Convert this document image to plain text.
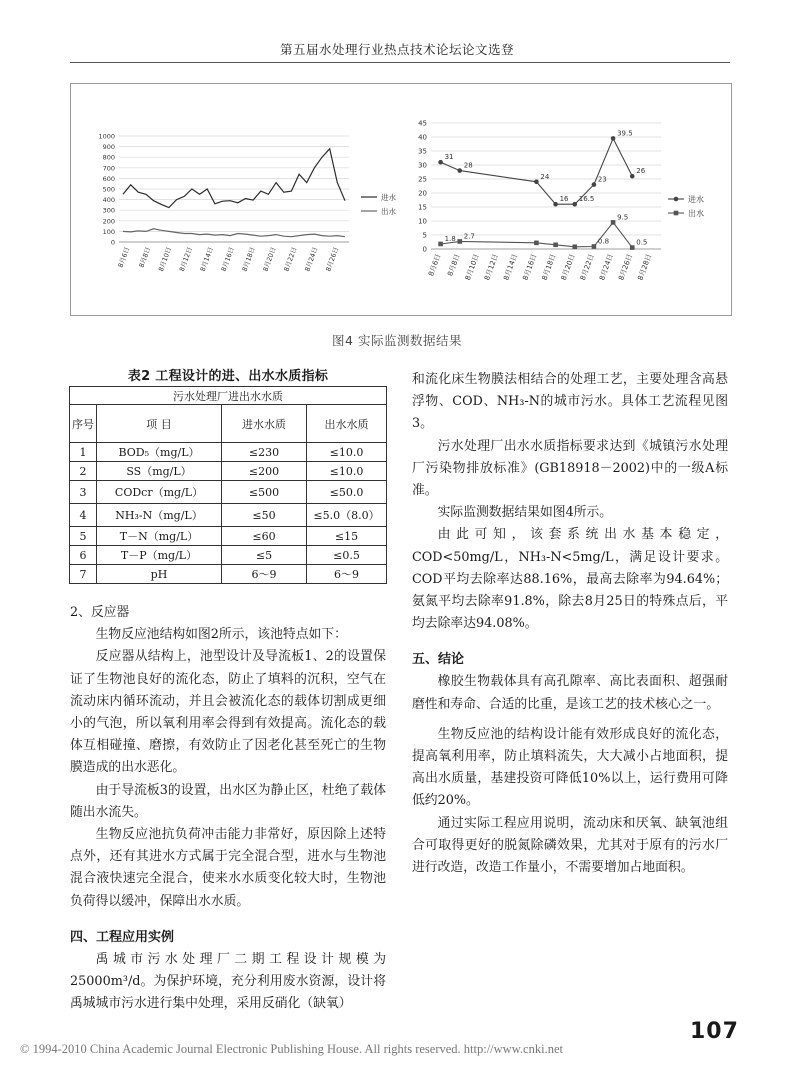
第五届水处理行业热点技术论坛论文选登
1000
900
800
700
600
500
400
300
200
100
0
8月6日 8月8日 8月10日 8月12日 8月14日 8月16日 8月18日 8月20日 8月22日 8月24日 8月26日
进水
出水
45
40
35
30
25
20
15
10
5
0
8月6日 8月8日 8月10日 8月12日 8月14日 8月16日 8月18日 8月20日 8月22日 8月24日 8月26日 8月28日
31
28
24
16 16.5
23
39.5
26
1.8 2.7
0.8
9.5
0.5
进水
出水
图4 实际监测数据结果
表2 工程设计的进、出水水质指标
污水处理厂进出水水质			
序号	项 目	进水水质	出水水质
1	BOD₅（mg/L）	≤230	≤10.0
2	SS（mg/L）	≤200	≤10.0
3	CODcr（mg/L）	≤500	≤50.0
4	NH₃-N（mg/L）	≤50	≤5.0（8.0）
5	T－N（mg/L）	≤60	≤15
6	T－P（mg/L）	≤5	≤0.5
7	pH	6～9	6～9

2、反应器

生物反应池结构如图2所示，该池特点如下：

反应器从结构上，池型设计及导流板1、2的设置保证了生物池良好的流化态，防止了填料的沉积，空气在流动床内循环流动，并且会被流化态的载体切割成更细小的气泡，所以氧利用率会得到有效提高。流化态的载体互相碰撞、磨擦，有效防止了因老化甚至死亡的生物膜造成的出水恶化。

由于导流板3的设置，出水区为静止区，杜绝了载体随出水流失。

生物反应池抗负荷冲击能力非常好，原因除上述特点外，还有其进水方式属于完全混合型，进水与生物池混合液快速完全混合，使来水水质变化较大时，生物池负荷得以缓冲，保障出水水质。

四、工程应用实例

禹城市污水处理厂二期工程设计规模为25000m³/d。为保护环境，充分利用废水资源，设计将禹城城市污水进行集中处理，采用反硝化（缺氧）

和流化床生物膜法相结合的处理工艺，主要处理含高悬浮物、COD、NH₃-N的城市污水。具体工艺流程见图3。

污水处理厂出水水质指标要求达到《城镇污水处理厂污染物排放标准》(GB18918－2002)中的一级A标准。

实际监测数据结果如图4所示。

由此可知，该套系统出水基本稳定，COD<50mg/L，NH₃-N<5mg/L，满足设计要求。COD平均去除率达88.16%，最高去除率为94.64%；氨氮平均去除率91.8%，除去8月25日的特殊点后，平均去除率达94.08%。

五、结论

橡胶生物载体具有高孔隙率、高比表面积、超强耐磨性和寿命、合适的比重，是该工艺的技术核心之一。

生物反应池的结构设计能有效形成良好的流化态，提高氧利用率，防止填料流失，大大减小占地面积，提高出水质量，基建投资可降低10%以上，运行费用可降低约20%。

通过实际工程应用说明，流动床和厌氧、缺氧池组合可取得更好的脱氮除磷效果，尤其对于原有的污水厂进行改造，改造工作量小，不需要增加占地面积。

107
© 1994-2010 China Academic Journal Electronic Publishing House. All rights reserved. http://www.cnki.net
